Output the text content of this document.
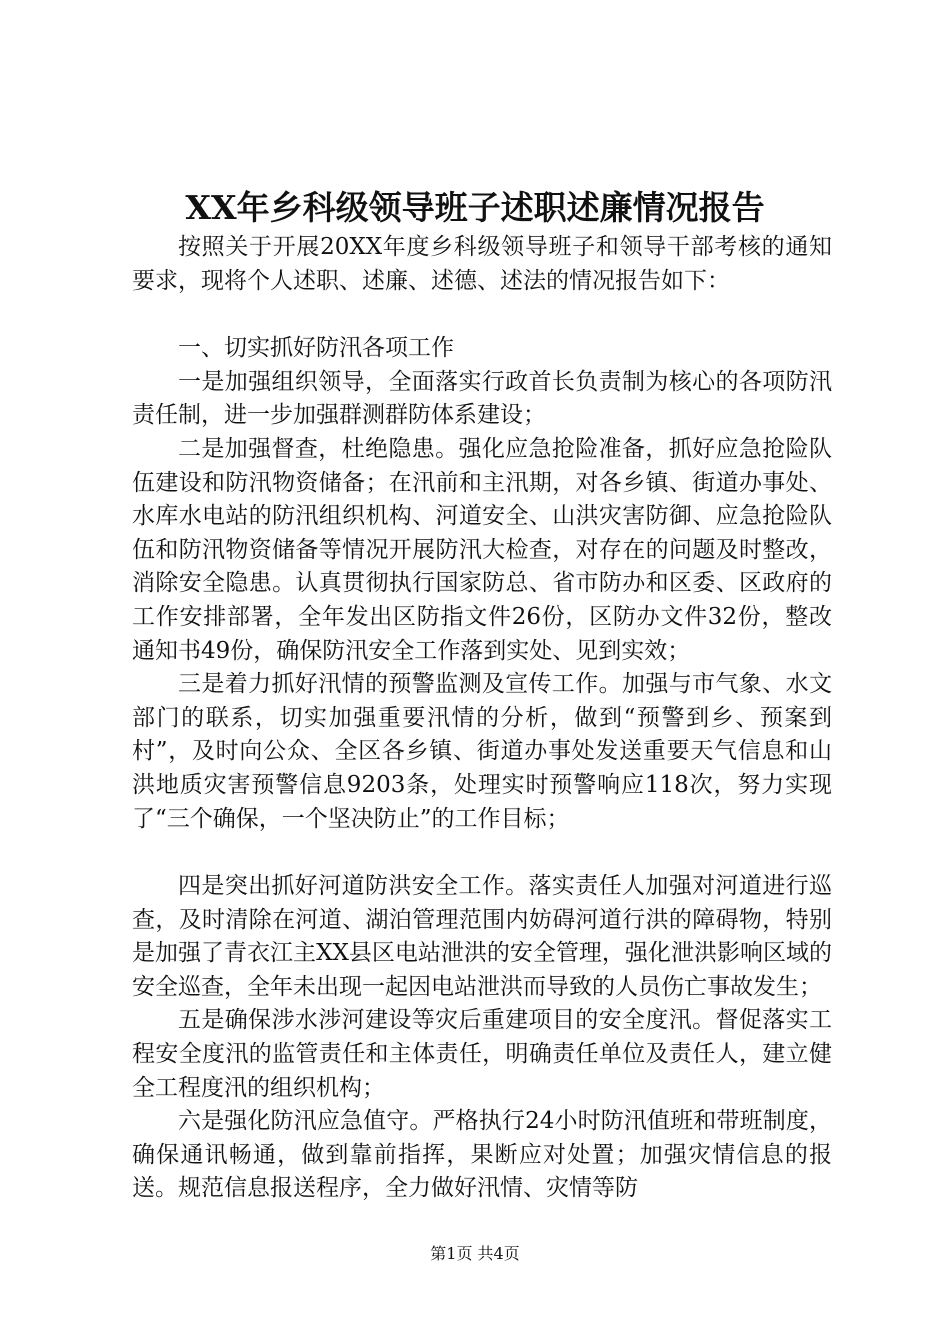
XX年乡科级领导班子述职述廉情况报告

按照关于开展20XX年度乡科级领导班子和领导干部考核的通知要求，现将个人述职、述廉、述德、述法的情况报告如下：

一、切实抓好防汛各项工作

一是加强组织领导，全面落实行政首长负责制为核心的各项防汛责任制，进一步加强群测群防体系建设；

二是加强督查，杜绝隐患。强化应急抢险准备，抓好应急抢险队伍建设和防汛物资储备；在汛前和主汛期，对各乡镇、街道办事处、水库水电站的防汛组织机构、河道安全、山洪灾害防御、应急抢险队伍和防汛物资储备等情况开展防汛大检查，对存在的问题及时整改，消除安全隐患。认真贯彻执行国家防总、省市防办和区委、区政府的工作安排部署，全年发出区防指文件26份，区防办文件32份，整改通知书49份，确保防汛安全工作落到实处、见到实效；

三是着力抓好汛情的预警监测及宣传工作。加强与市气象、水文部门的联系，切实加强重要汛情的分析，做到“预警到乡、预案到村”，及时向公众、全区各乡镇、街道办事处发送重要天气信息和山洪地质灾害预警信息9203条，处理实时预警响应118次，努力实现了“三个确保，一个坚决防止”的工作目标；

四是突出抓好河道防洪安全工作。落实责任人加强对河道进行巡查，及时清除在河道、湖泊管理范围内妨碍河道行洪的障碍物，特别是加强了青衣江主XX县区电站泄洪的安全管理，强化泄洪影响区域的安全巡查，全年未出现一起因电站泄洪而导致的人员伤亡事故发生；

五是确保涉水涉河建设等灾后重建项目的安全度汛。督促落实工程安全度汛的监管责任和主体责任，明确责任单位及责任人，建立健全工程度汛的组织机构；

六是强化防汛应急值守。严格执行24小时防汛值班和带班制度，确保通讯畅通，做到靠前指挥，果断应对处置；加强灾情信息的报送。规范信息报送程序，全力做好汛情、灾情等防

第1页 共4页
